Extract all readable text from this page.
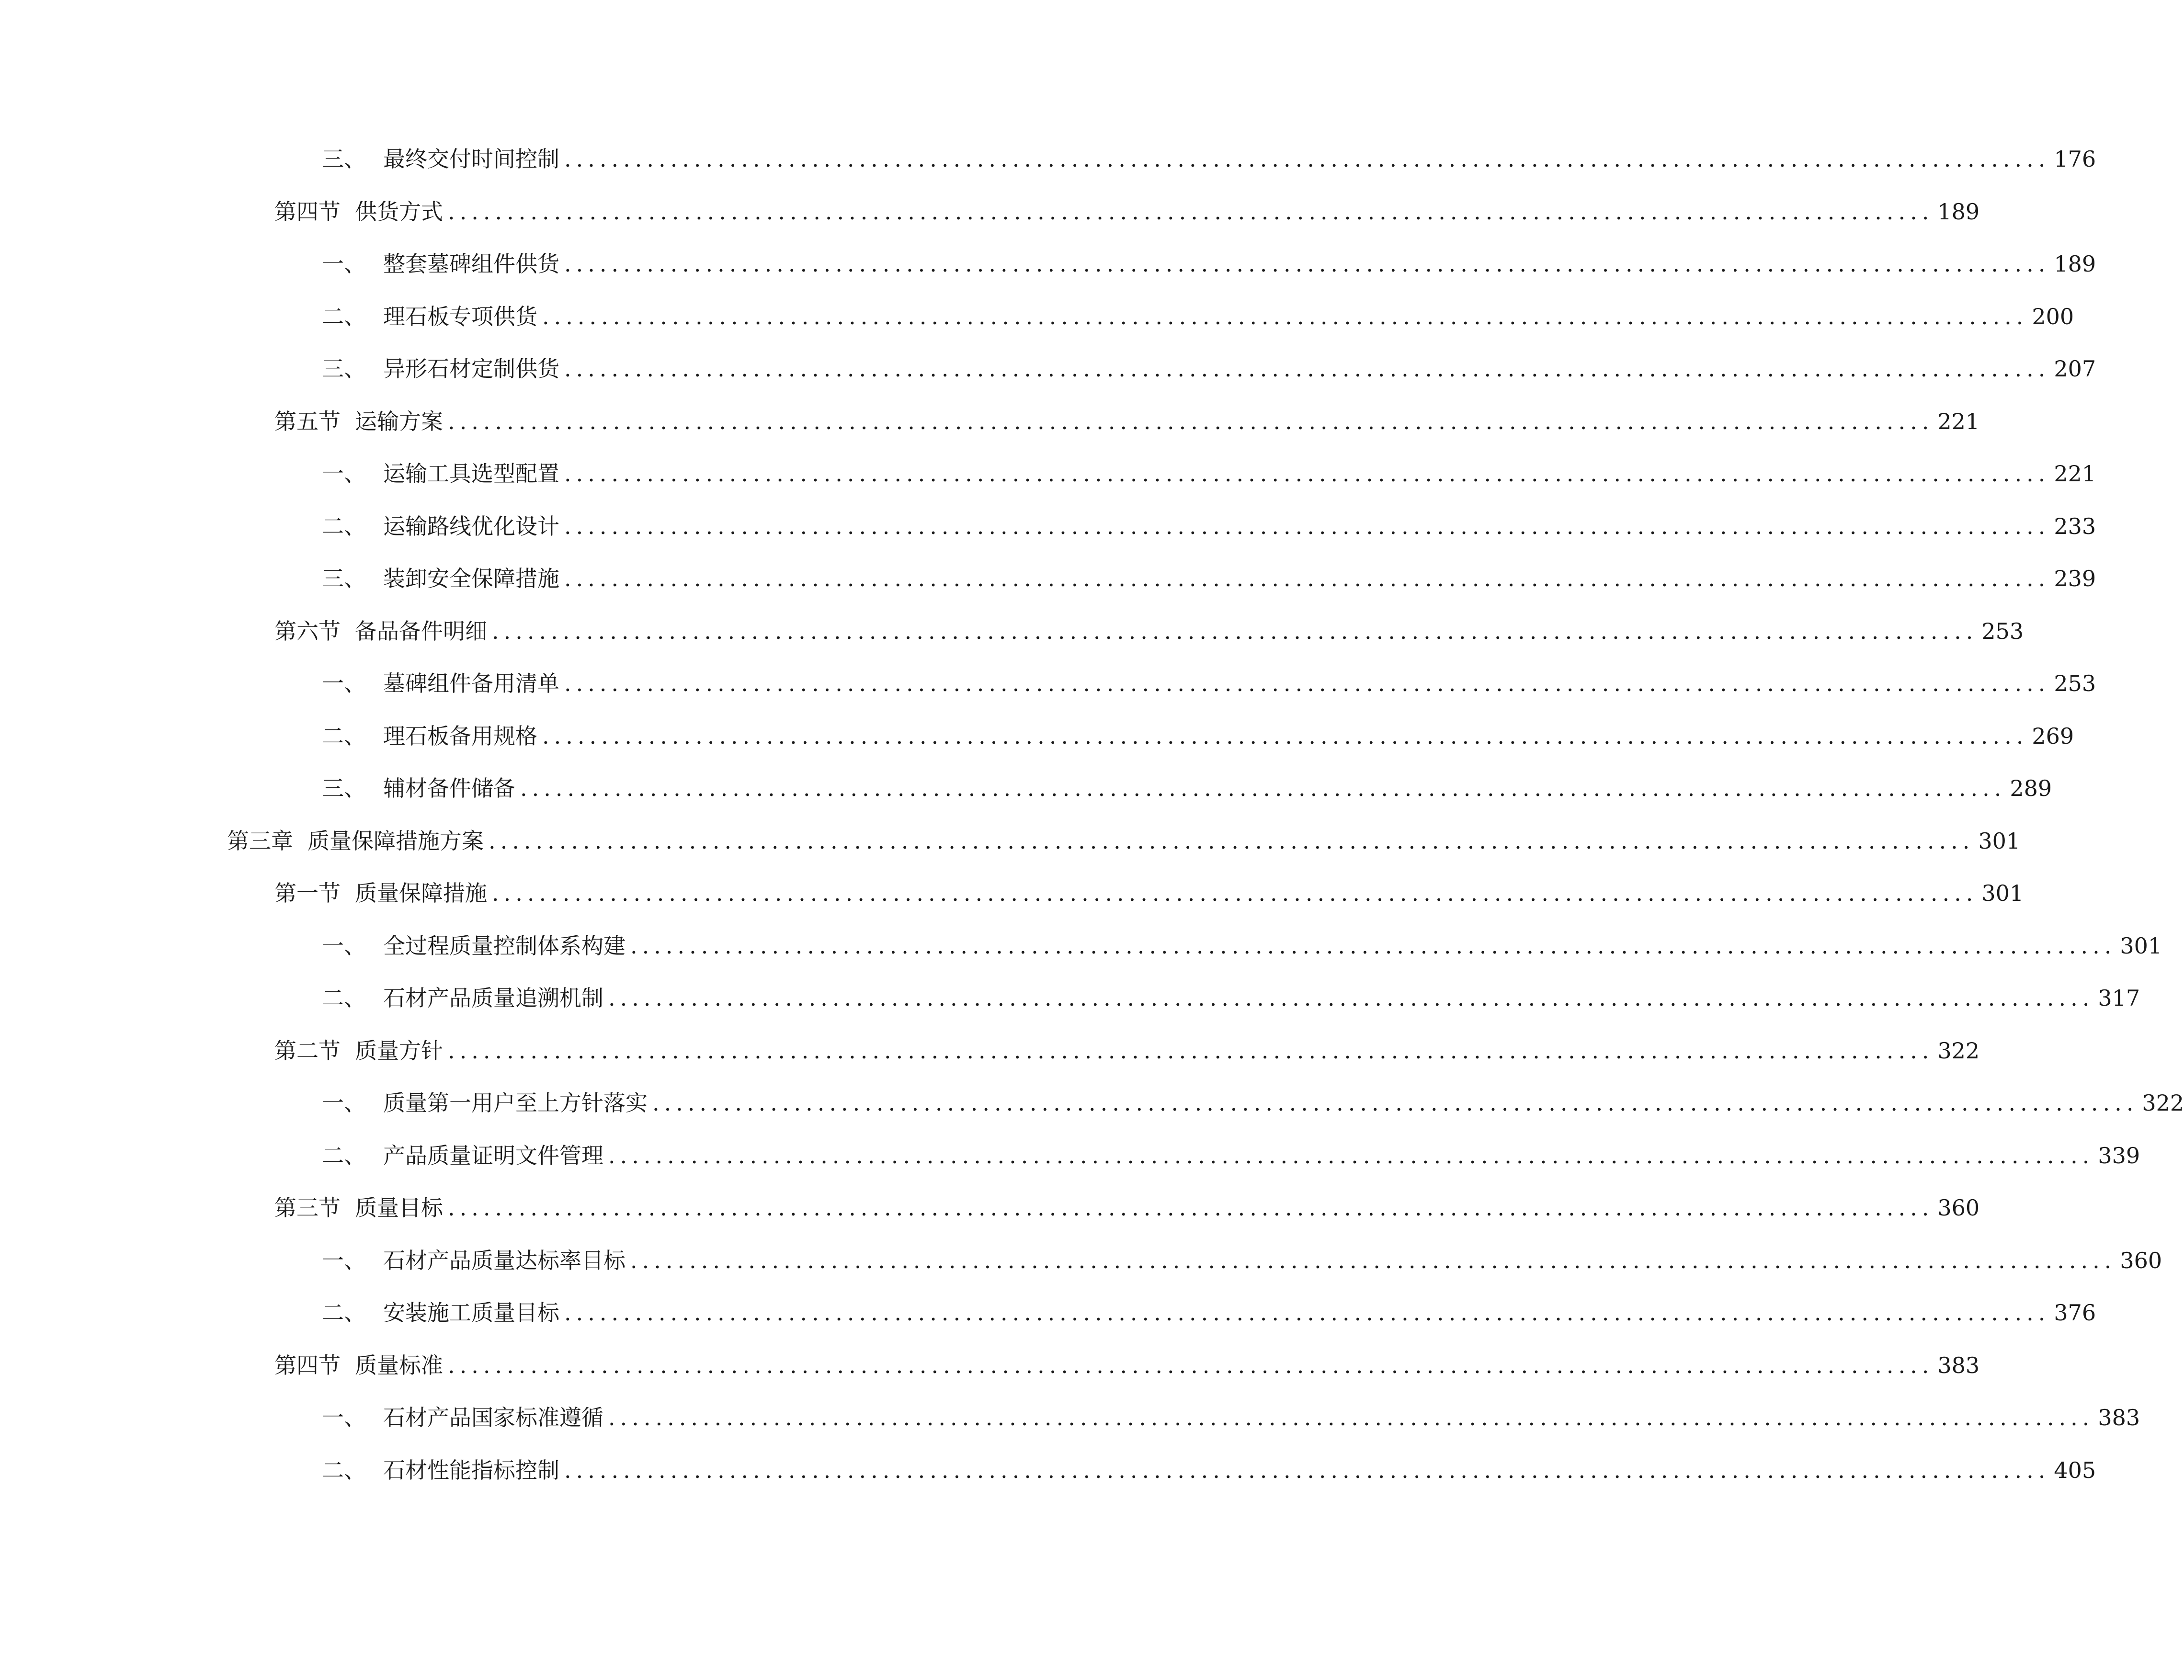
三、 最终交付时间控制 .............................................................................................................................. 176
第四节 供货方式 .............................................................................................................................. 189
一、 整套墓碑组件供货 .............................................................................................................................. 189
二、 理石板专项供货 .............................................................................................................................. 200
三、 异形石材定制供货 .............................................................................................................................. 207
第五节 运输方案 .............................................................................................................................. 221
一、 运输工具选型配置 .............................................................................................................................. 221
二、 运输路线优化设计 .............................................................................................................................. 233
三、 装卸安全保障措施 .............................................................................................................................. 239
第六节 备品备件明细 .............................................................................................................................. 253
一、 墓碑组件备用清单 .............................................................................................................................. 253
二、 理石板备用规格 .............................................................................................................................. 269
三、 辅材备件储备 .............................................................................................................................. 289
第三章 质量保障措施方案 .............................................................................................................................. 301
第一节 质量保障措施 .............................................................................................................................. 301
一、 全过程质量控制体系构建 .............................................................................................................................. 301
二、 石材产品质量追溯机制 .............................................................................................................................. 317
第二节 质量方针 .............................................................................................................................. 322
一、 质量第一用户至上方针落实 .............................................................................................................................. 322
二、 产品质量证明文件管理 .............................................................................................................................. 339
第三节 质量目标 .............................................................................................................................. 360
一、 石材产品质量达标率目标 .............................................................................................................................. 360
二、 安装施工质量目标 .............................................................................................................................. 376
第四节 质量标准 .............................................................................................................................. 383
一、 石材产品国家标准遵循 .............................................................................................................................. 383
二、 石材性能指标控制 .............................................................................................................................. 405
